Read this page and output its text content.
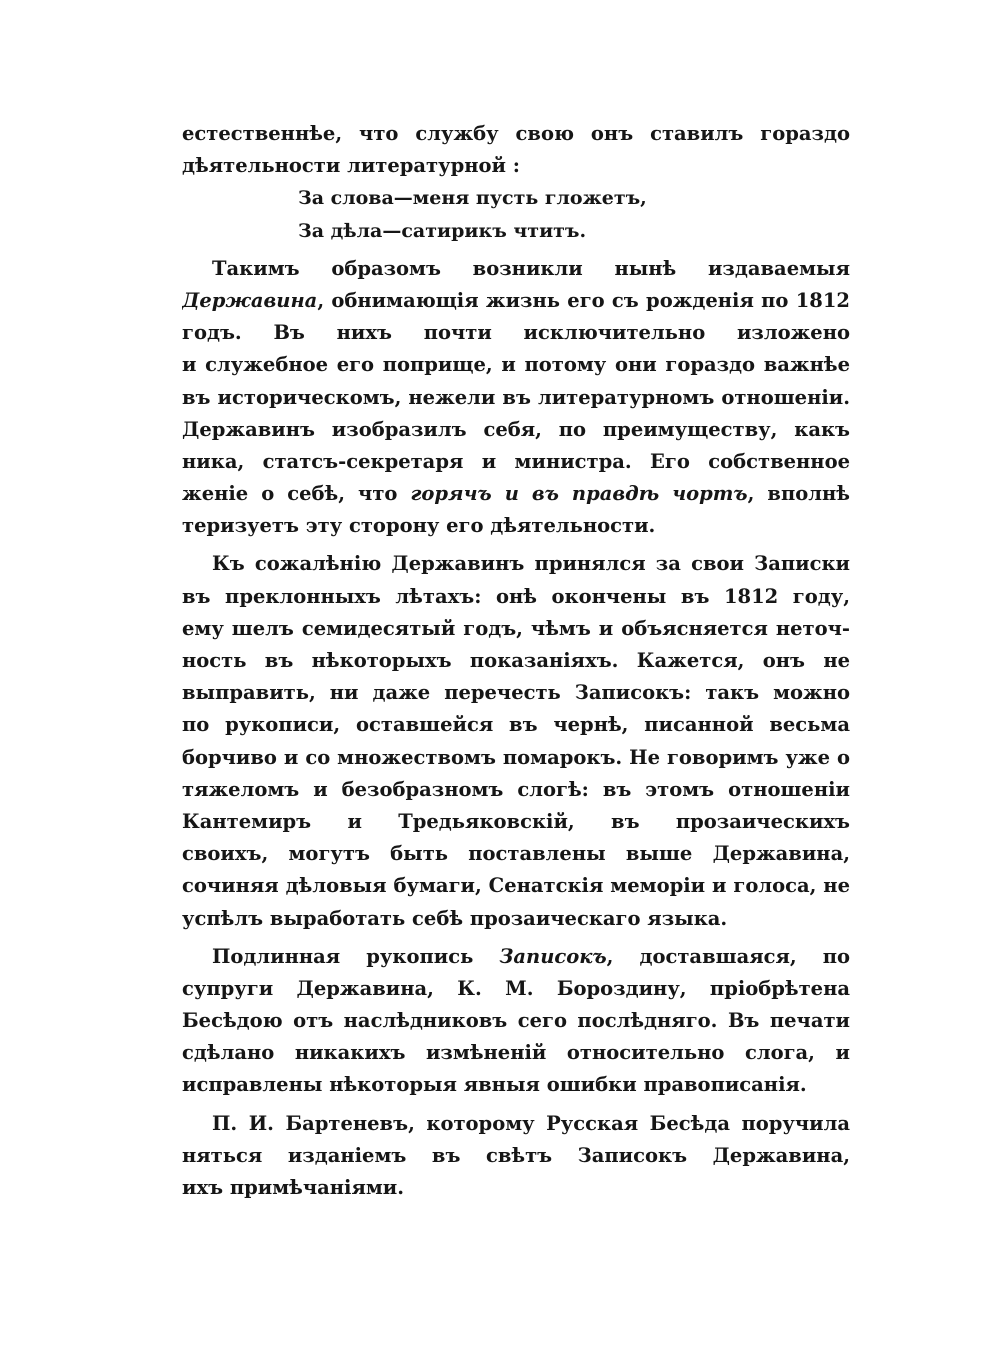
естественнѣе, что службу свою онъ ставилъ гораздо
дѣятельности литературной :
За слова—меня пусть гложетъ,
За дѣла—сатирикъ чтитъ.
Такимъ образомъ возникли нынѣ издаваемыя
Державина, обнимающія жизнь его съ рожденія по 1812
годъ. Въ нихъ почти исключительно изложено
и служебное его поприще, и потому они гораздо важнѣе
въ историческомъ, нежели въ литературномъ отношеніи.
Державинъ изобразилъ себя, по преимуществу, какъ
ника, статсъ-секретаря и министра. Его собственное
женіе о себѣ, что горячъ и въ правдѣ чортъ, вполнѣ
теризуетъ эту сторону его дѣятельности.
Къ сожалѣнію Державинъ принялся за свои Записки
въ преклонныхъ лѣтахъ: онѣ окончены въ 1812 году,
ему шелъ семидесятый годъ, чѣмъ и объясняется неточ-
ность въ нѣкоторыхъ показаніяхъ. Кажется, онъ не
выправить, ни даже перечесть Записокъ: такъ можно
по рукописи, оставшейся въ чернѣ, писанной весьма
борчиво и со множествомъ помарокъ. Не говоримъ уже о
тяжеломъ и безобразномъ слогѣ: въ этомъ отношеніи
Кантемиръ и Тредьяковскій, въ прозаическихъ
своихъ, могутъ быть поставлены выше Державина,
сочиняя дѣловыя бумаги, Сенатскія меморіи и голоса, не
успѣлъ выработать себѣ прозаическаго языка.
Подлинная рукопись Записокъ, доставшаяся, по
супруги Державина, К. М. Бороздину, пріобрѣтена
Бесѣдою отъ наслѣдниковъ сего послѣдняго. Въ печати
сдѣлано никакихъ измѣненій относительно слога, и
исправлены нѣкоторыя явныя ошибки правописанія.
П. И. Бартеневъ, которому Русская Бесѣда поручила
няться изданіемъ въ свѣтъ Записокъ Державина,
ихъ примѣчаніями.
